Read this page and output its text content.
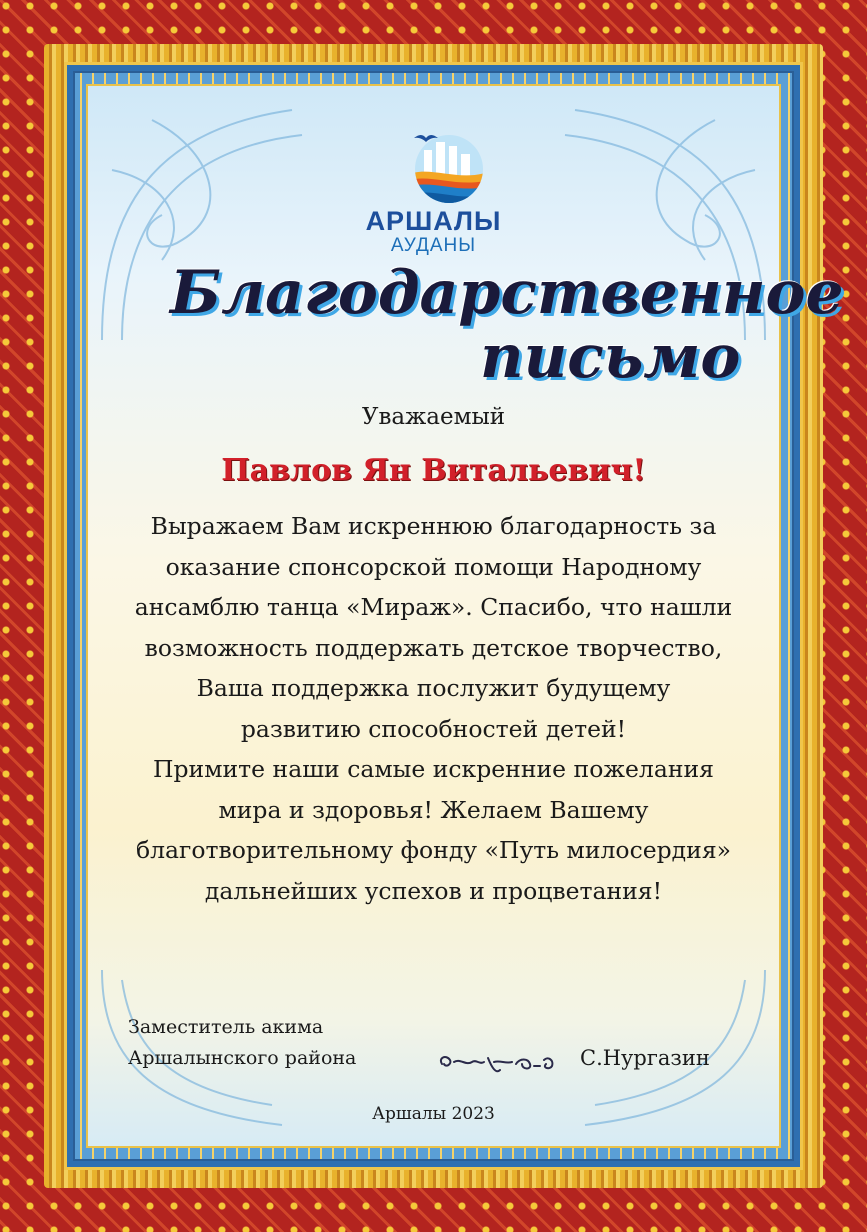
АРШАЛЫ
АУДАНЫ
Благодарственное
письмо
Уважаемый
Павлов Ян Витальевич!
Выражаем Вам искреннюю благодарность за
оказание спонсорской помощи Народному
ансамблю танца «Мираж». Спасибо, что нашли
возможность поддержать детское творчество,
Ваша поддержка послужит будущему
развитию способностей детей!
Примите наши самые искренние пожелания
мира и здоровья! Желаем Вашему
благотворительному фонду «Путь милосердия»
дальнейших успехов и процветания!
Заместитель акима
Аршалынского района	С.Нургазин
Аршалы 2023
